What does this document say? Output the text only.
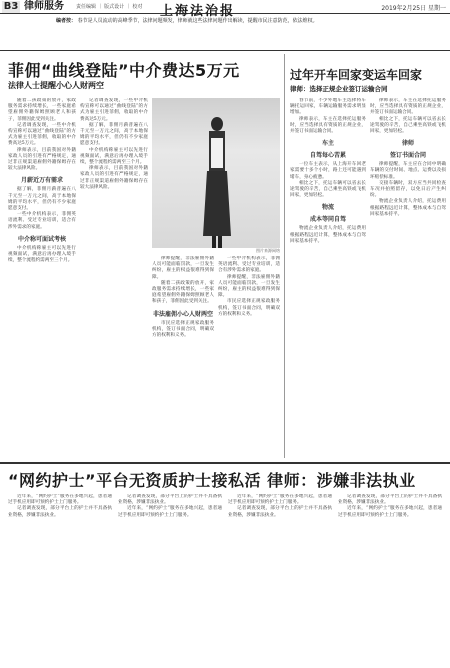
B3 律师服务 责任编辑 ｜ 版式设计 ｜ 校对 上海法治报	2019年2月25日 星期一
编者按： 春节是人员流动的高峰季节，法律问题频发，律师就这些法律问题作出解读，提醒市民注意防范，依法维权。
菲佣“曲线登陆”中介费达5万元
法律人士提醒小心人财两空

随着二孩政策的放开，家政服务需求持续增长，一些家庭希望雇佣外籍保姆照顾老人和孩子，菲佣因此受到关注。

记者调查发现，一些中介机构宣称可以通过“曲线登陆”的方式为雇主引进菲佣，收取的中介费高达5万元。

律师表示，目前我国对外籍家政人员的引进有严格规定，通过非正规渠道雇佣外籍保姆存在较大法律风险。

月薪近万有需求

据了解，菲佣月薪普遍在八千元至一万元之间，高于本地保姆的平均水平，但仍有不少家庭愿意支付。

一些中介机构表示，菲佣英语流利、受过专业培训，适合有涉外需求的家庭。

中介称可面试考核

中介机构称雇主可以先进行视频面试，满意后再办理入境手续，整个流程约需两至三个月。

记者调查发现，一些中介机构宣称可以通过“曲线登陆”的方式为雇主引进菲佣，收取的中介费高达5万元。

据了解，菲佣月薪普遍在八千元至一万元之间，高于本地保姆的平均水平，但仍有不少家庭愿意支付。

中介机构称雇主可以先进行视频面试，满意后再办理入境手续，整个流程约需两至三个月。

律师表示，目前我国对外籍家政人员的引进有严格规定，通过非正规渠道雇佣外籍保姆存在较大法律风险。

图片来源网络

律师提醒，非法雇佣外籍人员可能面临罚款，一旦发生纠纷，雇主的权益很难得到保障。

随着二孩政策的放开，家政服务需求持续增长，一些家庭希望雇佣外籍保姆照顾老人和孩子，菲佣因此受到关注。

非法雇佣小心人财两空

市民应选择正规家政服务机构，签订书面合同，明确双方的权利和义务。

一些中介机构表示，菲佣英语流利、受过专业培训，适合有涉外需求的家庭。

律师提醒，非法雇佣外籍人员可能面临罚款，一旦发生纠纷，雇主的权益很难得到保障。

市民应选择正规家政服务机构，签订书面合同，明确双方的权利和义务。

过年开车回家变运车回家
律师：选择正规企业签订运输合同

春节前，不少外地车主选择将车辆托运回家，车辆运输服务需求明显增加。

律师表示，车主在选择托运服务时，应当选择具有资质的正规企业，并签订书面运输合同。

车主
自驾每心苦累

一位车主表示，从上海开车回老家需要十多个小时，路上还可能遇到堵车，身心疲惫。

相比之下，托运车辆可以省去长途驾驶的辛苦，自己乘坐高铁或飞机回家，更加轻松。

物流
成本等同自驾

物流企业负责人介绍，托运费用根据路程远近计算，整体成本与自驾回家基本持平。

律师表示，车主在选择托运服务时，应当选择具有资质的正规企业，并签订书面运输合同。

相比之下，托运车辆可以省去长途驾驶的辛苦，自己乘坐高铁或飞机回家，更加轻松。

律师
签订书面合同

律师提醒，车主应在合同中明确车辆的交付时间、地点、运费以及损坏赔偿标准。

交接车辆时，双方应当共同检查车况并拍照留存，以免日后产生纠纷。

物流企业负责人介绍，托运费用根据路程远近计算，整体成本与自驾回家基本持平。

“网约护士”平台无资质护士接私活 律师：涉嫌非法执业

近年来，“网约护士”服务在多地兴起，患者通过手机应用即可预约护士上门服务。

记者调查发现，部分平台上的护士并不具备执业资格，涉嫌非法执业。

记者调查发现，部分平台上的护士并不具备执业资格，涉嫌非法执业。

近年来，“网约护士”服务在多地兴起，患者通过手机应用即可预约护士上门服务。

近年来，“网约护士”服务在多地兴起，患者通过手机应用即可预约护士上门服务。

记者调查发现，部分平台上的护士并不具备执业资格，涉嫌非法执业。

记者调查发现，部分平台上的护士并不具备执业资格，涉嫌非法执业。

近年来，“网约护士”服务在多地兴起，患者通过手机应用即可预约护士上门服务。
